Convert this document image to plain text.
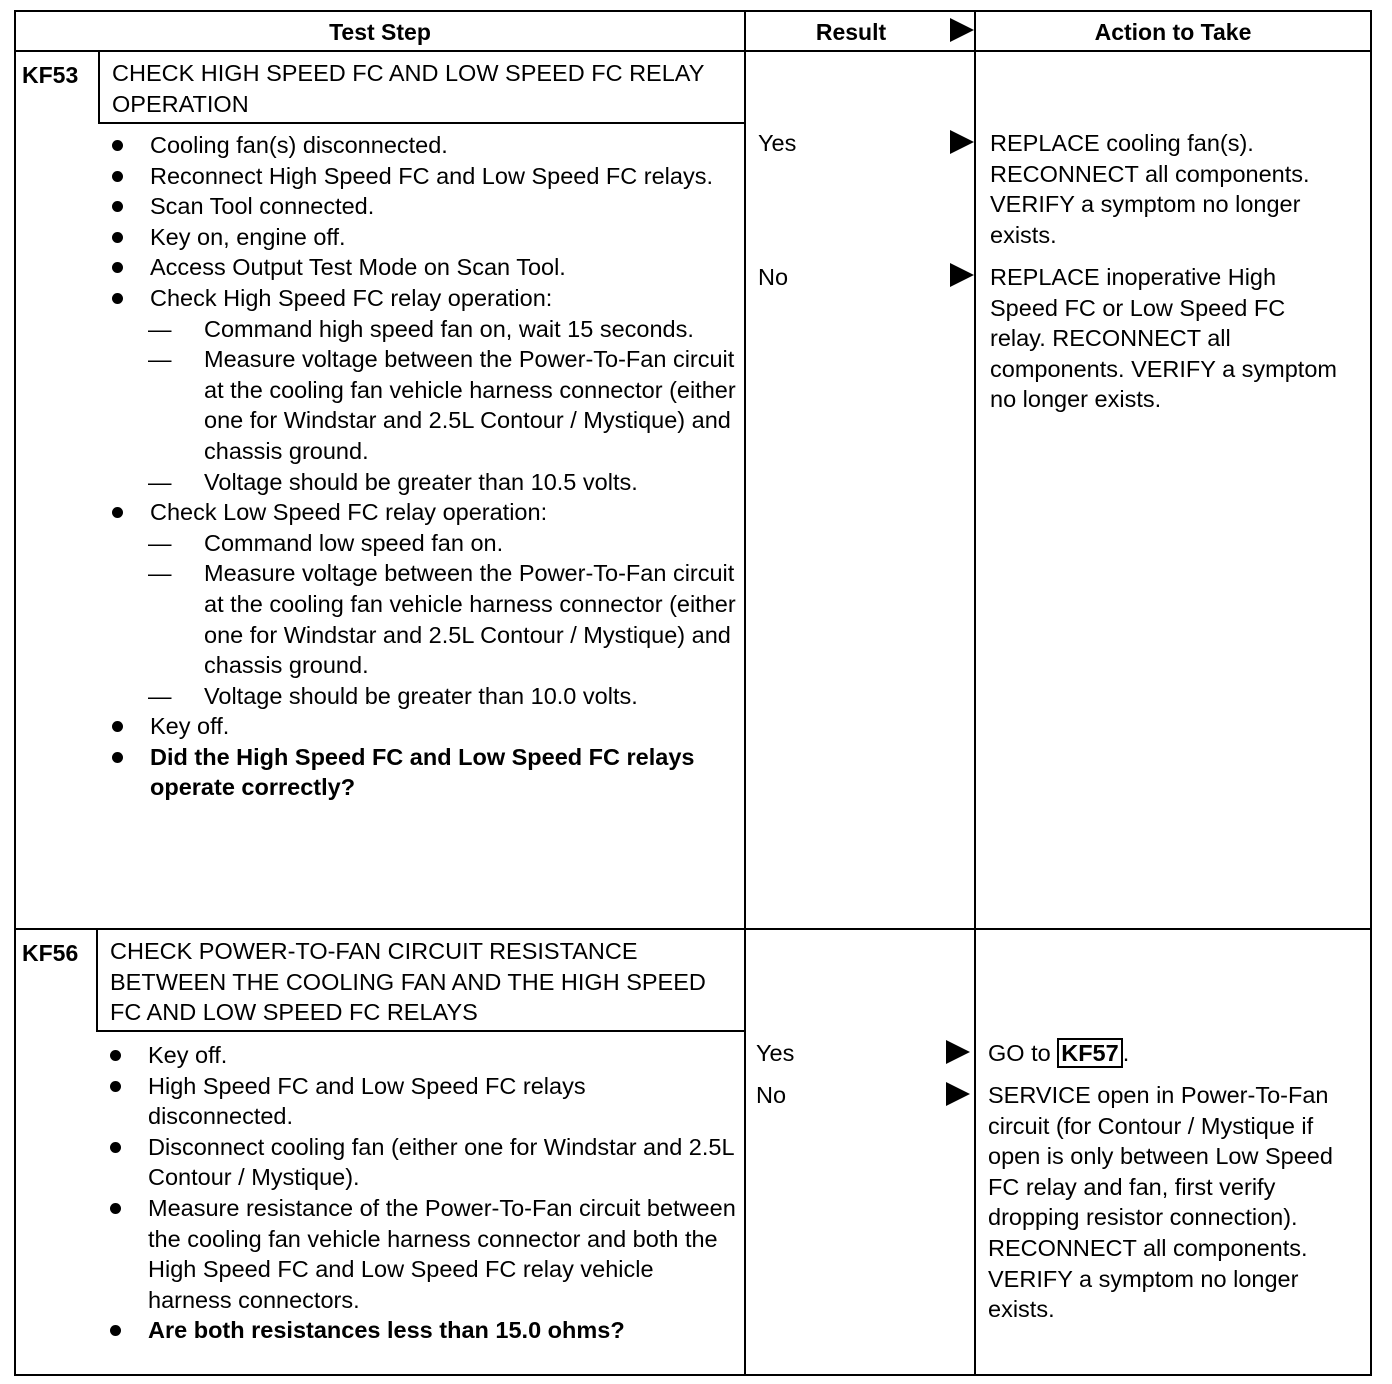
Test Step	Result	Action to Take
KF53 CHECK HIGH SPEED FC AND LOW SPEED FC RELAY OPERATION
Cooling fan(s) disconnected.
Reconnect High Speed FC and Low Speed FC relays.
Scan Tool connected.
Key on, engine off.
Access Output Test Mode on Scan Tool.
Check High Speed FC relay operation:
— Command high speed fan on, wait 15 seconds.
— Measure voltage between the Power-To-Fan circuit at the cooling fan vehicle harness connector (either one for Windstar and 2.5L Contour / Mystique) and chassis ground.
— Voltage should be greater than 10.5 volts.
Check Low Speed FC relay operation:
— Command low speed fan on.
— Measure voltage between the Power-To-Fan circuit at the cooling fan vehicle harness connector (either one for Windstar and 2.5L Contour / Mystique) and chassis ground.
— Voltage should be greater than 10.0 volts.
Key off.
Did the High Speed FC and Low Speed FC relays operate correctly?
Yes	REPLACE cooling fan(s). RECONNECT all components. VERIFY a symptom no longer exists.
No	REPLACE inoperative High Speed FC or Low Speed FC relay. RECONNECT all components. VERIFY a symptom no longer exists.
KF56 CHECK POWER-TO-FAN CIRCUIT RESISTANCE BETWEEN THE COOLING FAN AND THE HIGH SPEED FC AND LOW SPEED FC RELAYS
Key off.
High Speed FC and Low Speed FC relays disconnected.
Disconnect cooling fan (either one for Windstar and 2.5L Contour / Mystique).
Measure resistance of the Power-To-Fan circuit between the cooling fan vehicle harness connector and both the High Speed FC and Low Speed FC relay vehicle harness connectors.
Are both resistances less than 15.0 ohms?
Yes	GO to KF57 .
No	SERVICE open in Power-To-Fan circuit (for Contour / Mystique if open is only between Low Speed FC relay and fan, first verify dropping resistor connection). RECONNECT all components. VERIFY a symptom no longer exists.
